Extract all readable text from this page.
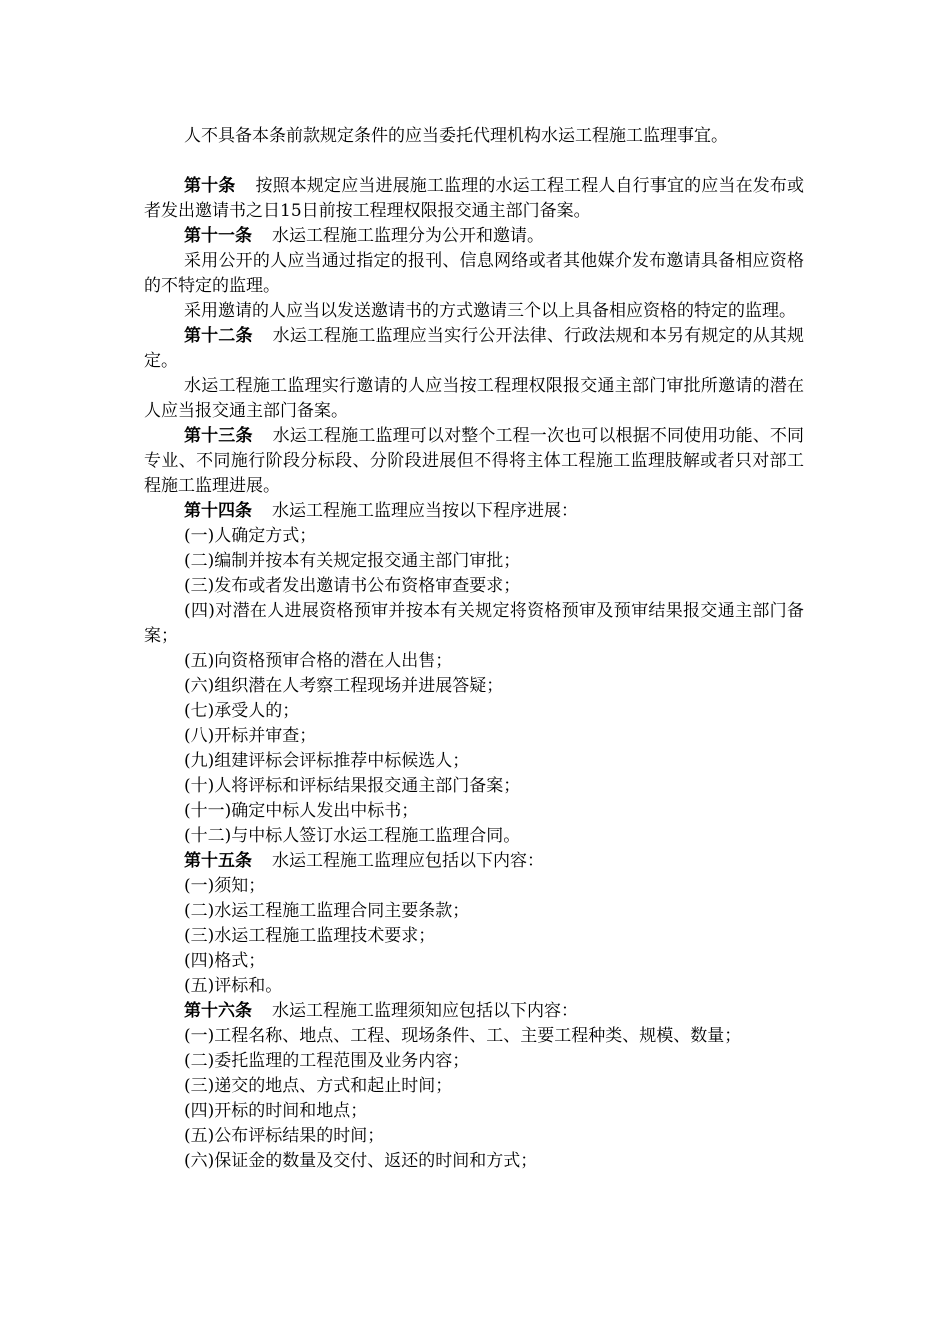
人不具备本条前款规定条件的应当委托代理机构水运工程施工监理事宜。

第十条 按照本规定应当进展施工监理的水运工程工程人自行事宜的应当在发布或者发出邀请书之日15日前按工程理权限报交通主部门备案。

第十一条 水运工程施工监理分为公开和邀请。

采用公开的人应当通过指定的报刊、信息网络或者其他媒介发布邀请具备相应资格的不特定的监理。

采用邀请的人应当以发送邀请书的方式邀请三个以上具备相应资格的特定的监理。

第十二条 水运工程施工监理应当实行公开法律、行政法规和本另有规定的从其规定。

水运工程施工监理实行邀请的人应当按工程理权限报交通主部门审批所邀请的潜在人应当报交通主部门备案。

第十三条 水运工程施工监理可以对整个工程一次也可以根据不同使用功能、不同专业、不同施行阶段分标段、分阶段进展但不得将主体工程施工监理肢解或者只对部工程施工监理进展。

第十四条 水运工程施工监理应当按以下程序进展：

(一)人确定方式；

(二)编制并按本有关规定报交通主部门审批；

(三)发布或者发出邀请书公布资格审查要求；

(四)对潜在人进展资格预审并按本有关规定将资格预审及预审结果报交通主部门备案；

(五)向资格预审合格的潜在人出售；

(六)组织潜在人考察工程现场并进展答疑；

(七)承受人的；

(八)开标并审查；

(九)组建评标会评标推荐中标候选人；

(十)人将评标和评标结果报交通主部门备案；

(十一)确定中标人发出中标书；

(十二)与中标人签订水运工程施工监理合同。

第十五条 水运工程施工监理应包括以下内容：

(一)须知；

(二)水运工程施工监理合同主要条款；

(三)水运工程施工监理技术要求；

(四)格式；

(五)评标和。

第十六条 水运工程施工监理须知应包括以下内容：

(一)工程名称、地点、工程、现场条件、工、主要工程种类、规模、数量；

(二)委托监理的工程范围及业务内容；

(三)递交的地点、方式和起止时间；

(四)开标的时间和地点；

(五)公布评标结果的时间；

(六)保证金的数量及交付、返还的时间和方式；
